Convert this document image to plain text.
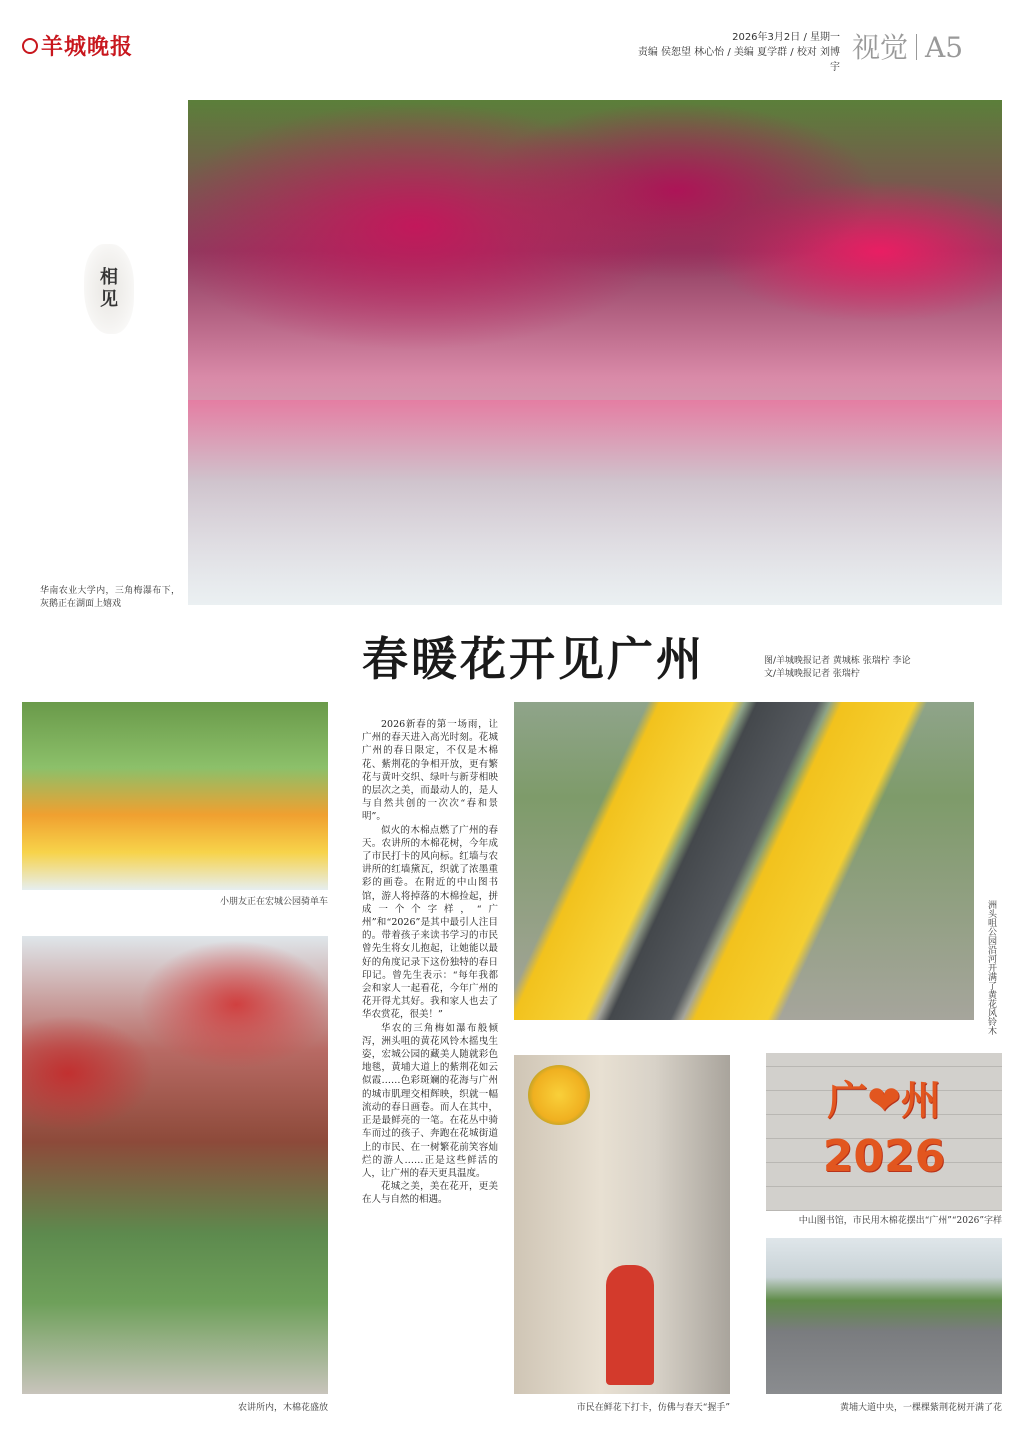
羊城晚报	2026年3月2日 / 星期一
责编 侯恕望 林心怡 / 美编 夏学群 / 校对 刘博宇
视觉 A5
相
见
华南农业大学内，三角梅瀑布下，灰鹅正在湖面上嬉戏
春暖花开见广州	图/羊城晚报记者 黄城栋 张瑞柠 李论
文/羊城晚报记者 张瑞柠
小朋友正在宏城公园骑单车
农讲所内，木棉花盛放

2026新春的第一场雨，让广州的春天进入高光时刻。花城广州的春日限定，不仅是木棉花、紫荆花的争相开放，更有繁花与黄叶交织、绿叶与新芽相映的层次之美，而最动人的，是人与自然共创的一次次“春和景明”。

似火的木棉点燃了广州的春天。农讲所的木棉花树，今年成了市民打卡的风向标。红墙与农讲所的红墙黛瓦，织就了浓墨重彩的画卷。在附近的中山图书馆，游人将掉落的木棉捡起，拼成一个个字样，“广州”和“2026”是其中最引人注目的。带着孩子来读书学习的市民曾先生将女儿抱起，让她能以最好的角度记录下这份独特的春日印记。曾先生表示：“每年我都会和家人一起看花，今年广州的花开得尤其好。我和家人也去了华农赏花，很美！”

华农的三角梅如瀑布般倾泻，洲头咀的黄花风铃木摇曳生姿，宏城公园的藏美人随就彩色地毯，黄埔大道上的紫荆花如云似霞……色彩斑斓的花海与广州的城市肌理交相辉映，织就一幅流动的春日画卷。而人在其中，正是最鲜亮的一笔。在花丛中骑车而过的孩子、奔跑在花城街道上的市民、在一树繁花前笑容灿烂的游人……正是这些鲜活的人，让广州的春天更具温度。

花城之美，美在花开，更美在人与自然的相遇。

洲头咀公园沿河开满了黄花风铃木
市民在鲜花下打卡，仿佛与春天“握手”
广❤州
2026
中山图书馆，市民用木棉花摆出“广州”“2026”字样
黄埔大道中央，一棵棵紫荆花树开满了花
